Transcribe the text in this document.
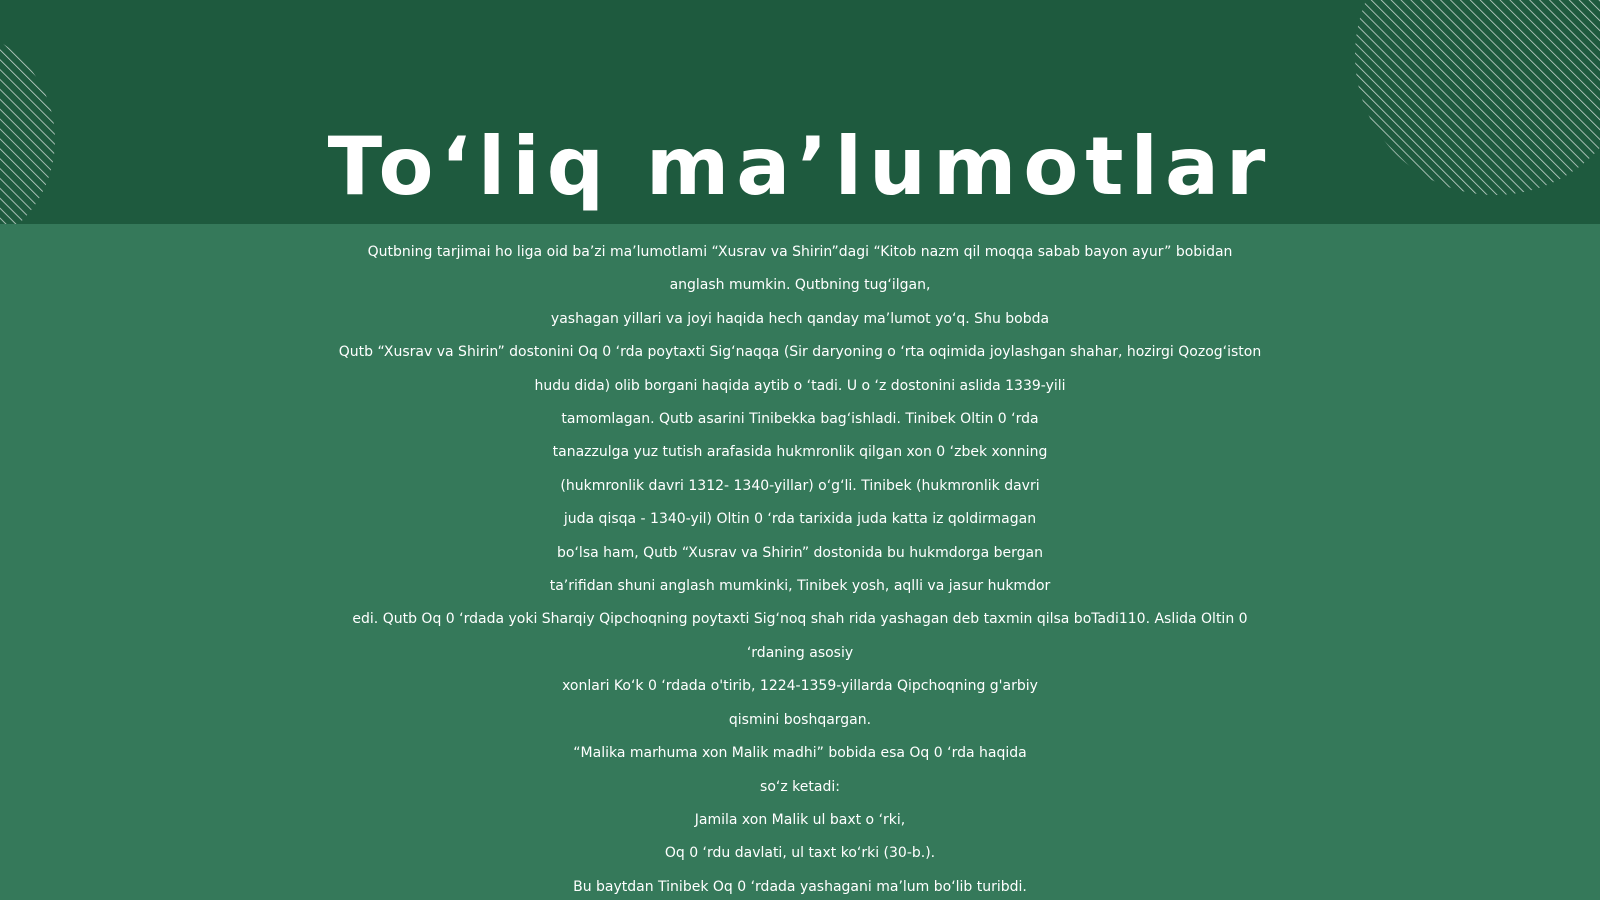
To‘liq ma’lumotlar

Qutbning tarjimai ho liga oid ba’zi ma’lumotlami “Xusrav va Shirin”dagi “Kitob nazm qil moqqa sabab bayon ayur” bobidan
anglash mumkin. Qutbning tug‘ilgan,
yashagan yillari va joyi haqida hech qanday ma’lumot yo‘q. Shu bobda
Qutb “Xusrav va Shirin” dostonini Oq 0 ‘rda poytaxti Sig‘naqqa (Sir daryoning o ‘rta oqimida joylashgan shahar, hozirgi Qozog‘iston
hudu dida) olib borgani haqida aytib o ‘tadi. U o ‘z dostonini aslida 1339-yili
tamomlagan. Qutb asarini Tinibekka bag‘ishladi. Tinibek Oltin 0 ‘rda
tanazzulga yuz tutish arafasida hukmronlik qilgan xon 0 ‘zbek xonning
(hukmronlik davri 1312- 1340-yillar) o‘g‘li. Tinibek (hukmronlik davri
juda qisqa - 1340-yil) Oltin 0 ‘rda tarixida juda katta iz qoldirmagan
bo‘lsa ham, Qutb “Xusrav va Shirin” dostonida bu hukmdorga bergan
ta’rifidan shuni anglash mumkinki, Tinibek yosh, aqlli va jasur hukmdor
edi. Qutb Oq 0 ‘rdada yoki Sharqiy Qipchoqning poytaxti Sig‘noq shah rida yashagan deb taxmin qilsa boTadi110. Aslida Oltin 0
‘rdaning asosiy
xonlari Ko‘k 0 ‘rdada o'tirib, 1224-1359-yillarda Qipchoqning g'arbiy
qismini boshqargan.
“Malika marhuma xon Malik madhi” bobida esa Oq 0 ‘rda haqida
so‘z ketadi:
Jamila xon Malik ul baxt o ‘rki,
Oq 0 ‘rdu davlati, ul taxt ko‘rki (30-b.).
Bu baytdan Tinibek Oq 0 ‘rdada yashagani ma’lum bo‘lib turibdi.
